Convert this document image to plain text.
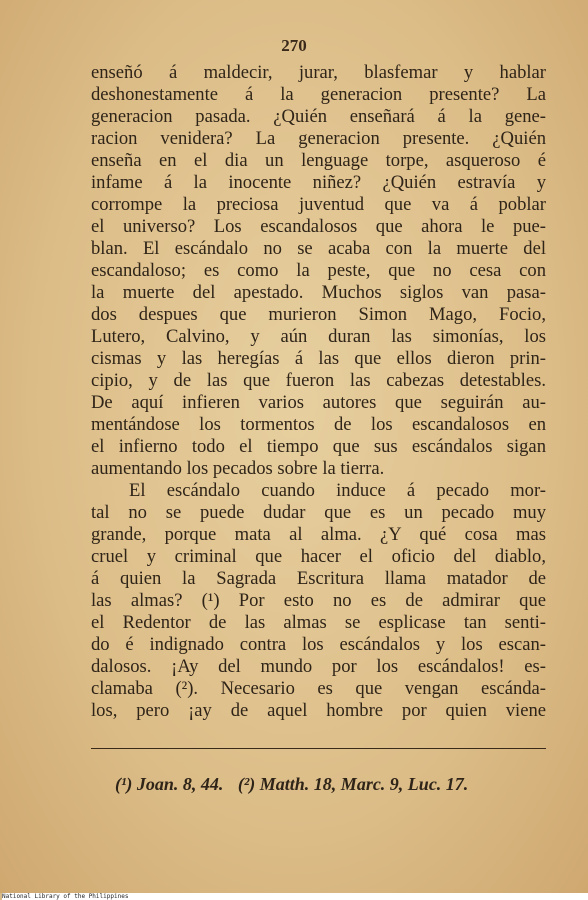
270
enseñó á maldecir, jurar, blasfemar y hablar
deshonestamente á la generacion presente? La
generacion pasada. ¿Quién enseñará á la gene-
racion venidera? La generacion presente. ¿Quién
enseña en el dia un lenguage torpe, asqueroso é
infame á la inocente niñez? ¿Quién estravía y
corrompe la preciosa juventud que va á poblar
el universo? Los escandalosos que ahora le pue-
blan. El escándalo no se acaba con la muerte del
escandaloso; es como la peste, que no cesa con
la muerte del apestado. Muchos siglos van pasa-
dos despues que murieron Simon Mago, Focio,
Lutero, Calvino, y aún duran las simonías, los
cismas y las heregías á las que ellos dieron prin-
cipio, y de las que fueron las cabezas detestables.
De aquí infieren varios autores que seguirán au-
mentándose los tormentos de los escandalosos en
el infierno todo el tiempo que sus escándalos sigan
aumentando los pecados sobre la tierra.
El escándalo cuando induce á pecado mor-
tal no se puede dudar que es un pecado muy
grande, porque mata al alma. ¿Y qué cosa mas
cruel y criminal que hacer el oficio del diablo,
á quien la Sagrada Escritura llama matador de
las almas? (¹) Por esto no es de admirar que
el Redentor de las almas se esplicase tan senti-
do é indignado contra los escándalos y los escan-
dalosos. ¡Ay del mundo por los escándalos! es-
clamaba (²). Necesario es que vengan escánda-
los, pero ¡ay de aquel hombre por quien viene
(¹) Joan. 8, 44. (²) Matth. 18, Marc. 9, Luc. 17.
National Library of the Philippines
